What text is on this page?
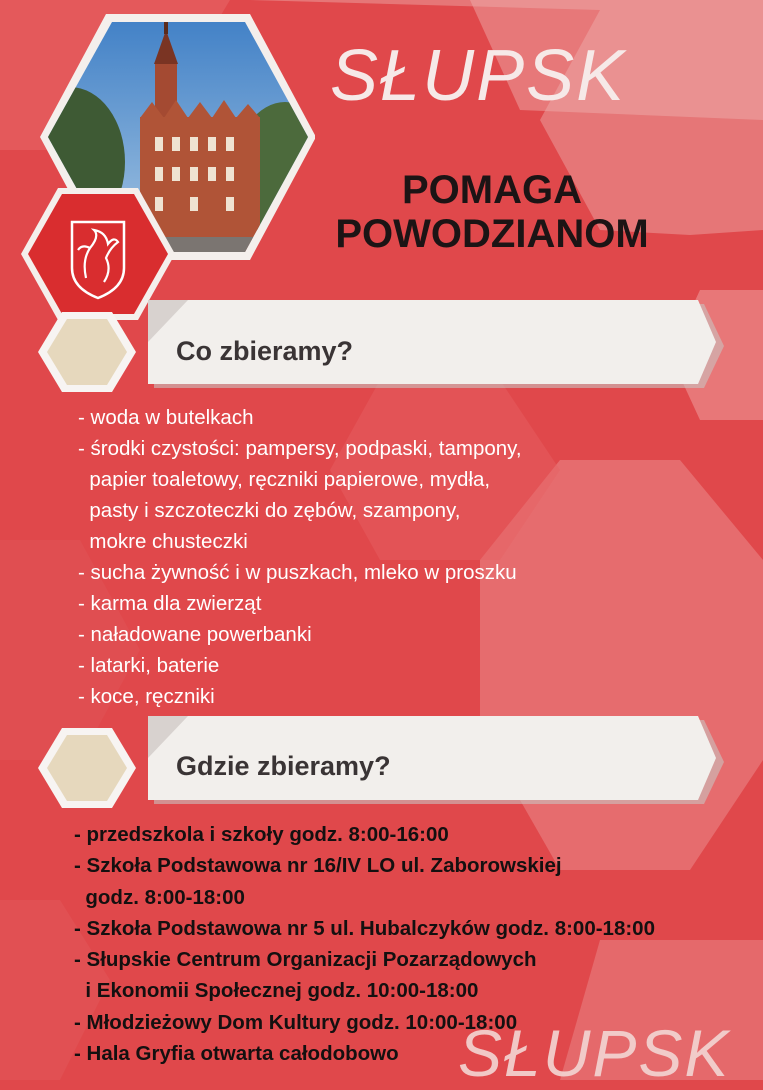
SŁUPSK
POMAGA
POWODZIANOM
Co zbieramy?
- woda w butelkach
- środki czystości: pampersy, podpaski, tampony,
papier toaletowy, ręczniki papierowe, mydła,
pasty i szczoteczki do zębów, szampony,
mokre chusteczki
- sucha żywność i w puszkach, mleko w proszku
- karma dla zwierząt
- naładowane powerbanki
- latarki, baterie
- koce, ręczniki
Gdzie zbieramy?
- przedszkola i szkoły godz. 8:00-16:00
- Szkoła Podstawowa nr 16/IV LO ul. Zaborowskiej
godz. 8:00-18:00
- Szkoła Podstawowa nr 5 ul. Hubalczyków godz. 8:00-18:00
- Słupskie Centrum Organizacji Pozarządowych
i Ekonomii Społecznej godz. 10:00-18:00
- Młodzieżowy Dom Kultury godz. 10:00-18:00
- Hala Gryfia otwarta całodobowo SŁUPSK
